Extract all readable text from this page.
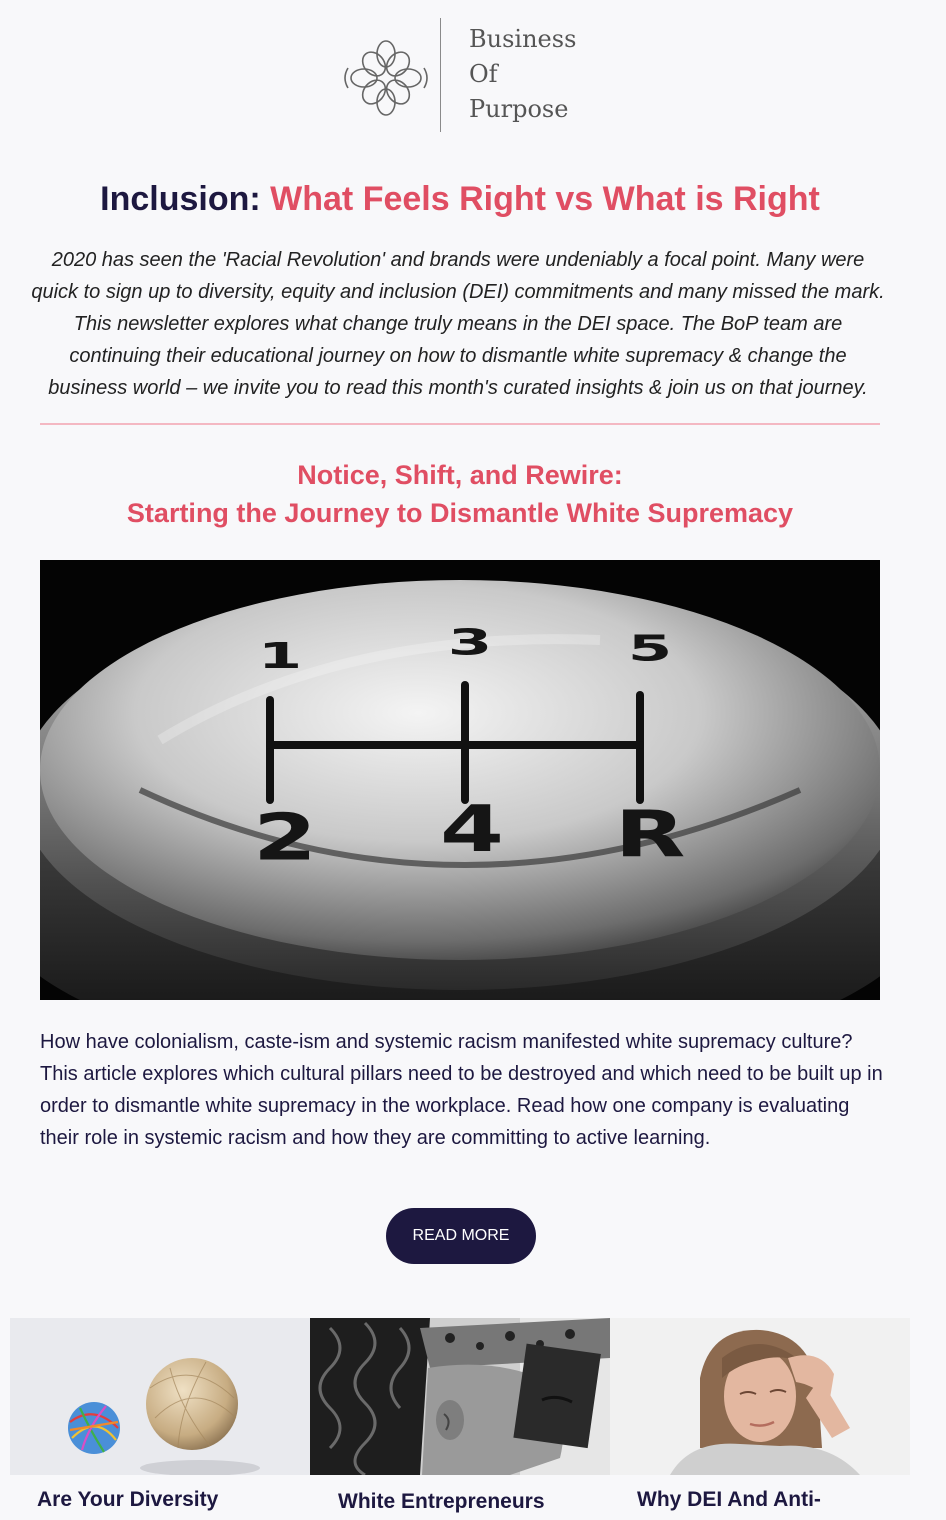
Business
Of
Purpose
Inclusion: What Feels Right vs What is Right
2020 has seen the 'Racial Revolution' and brands were undeniably a focal point. Many were quick to sign up to diversity, equity and inclusion (DEI) commitments and many missed the mark. This newsletter explores what change truly means in the DEI space. The BoP team are continuing their educational journey on how to dismantle white supremacy & change the business world – we invite you to read this month's curated insights & join us on that journey.
Notice, Shift, and Rewire:
Starting the Journey to Dismantle White Supremacy
1 3 5
2 4 R
How have colonialism, caste-ism and systemic racism manifested white supremacy culture? This article explores which cultural pillars need to be destroyed and which need to be built up in order to dismantle white supremacy in the workplace. Read how one company is evaluating their role in systemic racism and how they are committing to active learning.
READ MORE
Are Your Diversity	White Entrepreneurs	Why DEI And Anti-
